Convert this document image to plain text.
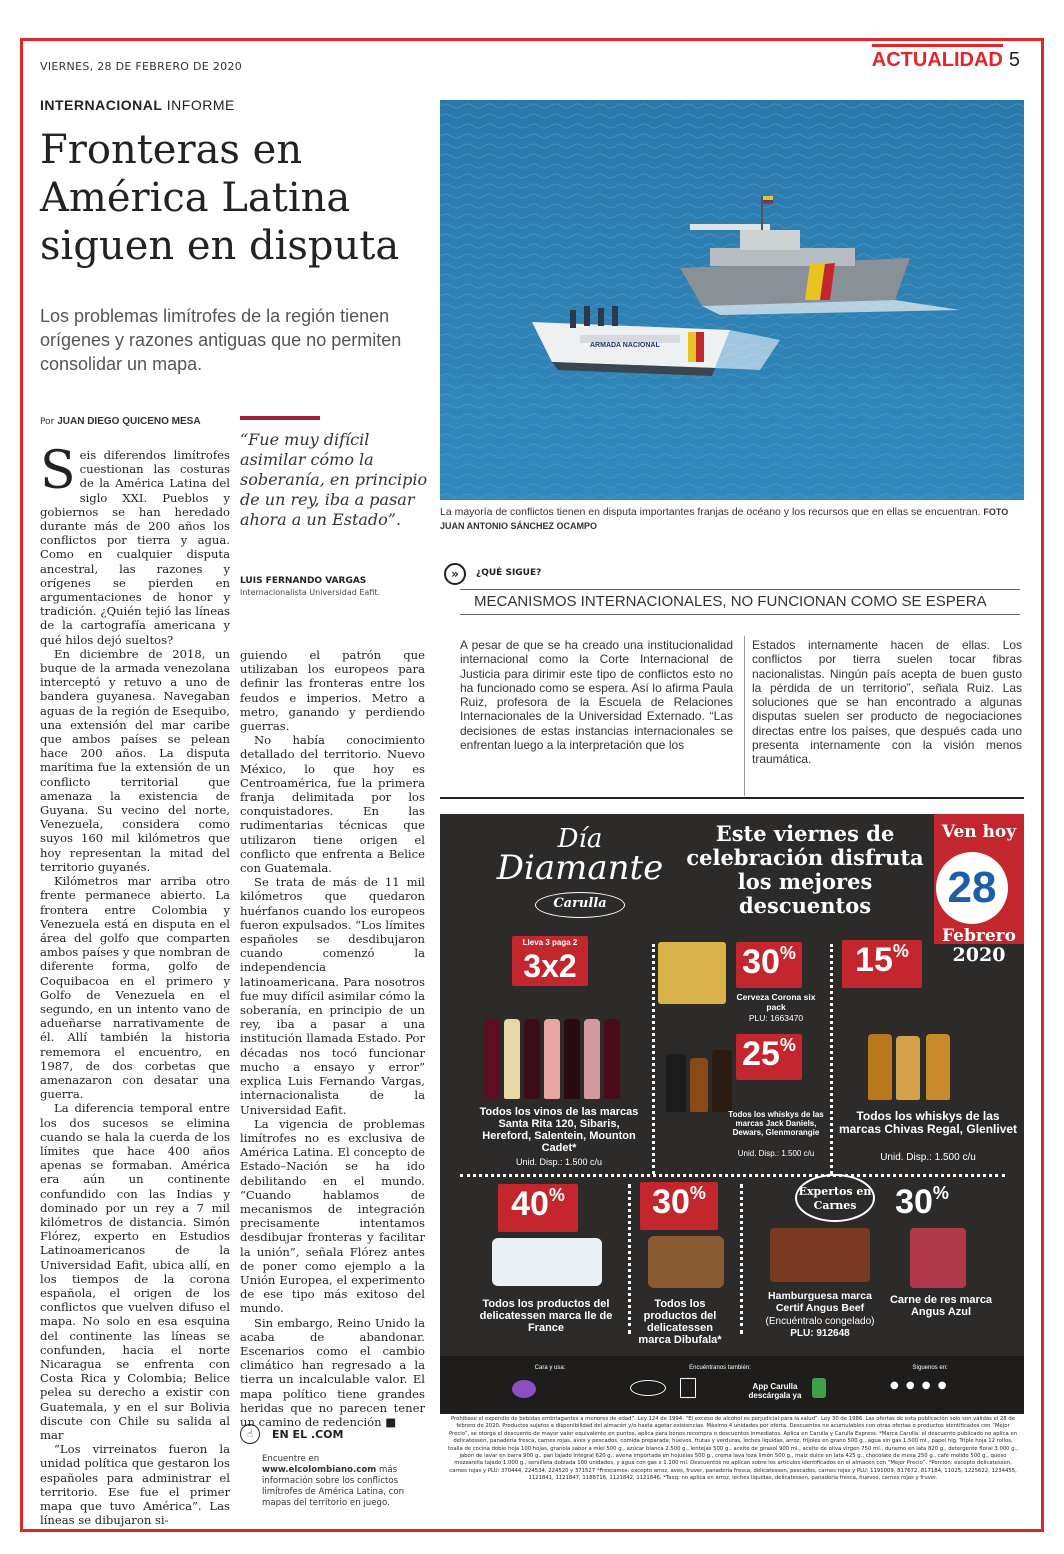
VIERNES, 28 DE FEBRERO DE 2020	ACTUALIDAD 5
INTERNACIONAL INFORME
Fronteras en América Latina siguen en disputa
Los problemas limítrofes de la región tienen orígenes y razones antiguas que no permiten consolidar un mapa.
Por JUAN DIEGO QUICENO MESA

Seis diferendos limítrofes cuestionan las costuras de la América Latina del siglo XXI. Pueblos y gobiernos se han heredado durante más de 200 años los conflictos por tierra y agua. Como en cualquier disputa ancestral, las razones y orígenes se pierden en argumentaciones de honor y tradición. ¿Quién tejió las líneas de la cartografía americana y qué hilos dejó sueltos?

En diciembre de 2018, un buque de la armada venezolana interceptó y retuvo a uno de bandera guyanesa. Navegaban aguas de la región de Esequibo, una extensión del mar caribe que ambos países se pelean hace 200 años. La disputa marítima fue la extensión de un conflicto territorial que amenaza la existencia de Guyana. Su vecino del norte, Venezuela, considera como suyos 160 mil kilómetros que hoy representan la mitad del territorio guyanés.

Kilómetros mar arriba otro frente permanece abierto. La frontera entre Colombia y Venezuela está en disputa en el área del golfo que comparten ambos países y que nombran de diferente forma, golfo de Coquibacoa en el primero y Golfo de Venezuela en el segundo, en un intento vano de adueñarse narrativamente de él. Allí también la historia rememora el encuentro, en 1987, de dos corbetas que amenazaron con desatar una guerra.

La diferencia temporal entre los dos sucesos se elimina cuando se hala la cuerda de los límites que hace 400 años apenas se formaban. América era aún un continente confundido con las Indias y dominado por un rey a 7 mil kilómetros de distancia. Simón Flórez, experto en Estudios Latinoamericanos de la Universidad Eafit, ubica allí, en los tiempos de la corona española, el origen de los conflictos que vuelven difuso el mapa. No solo en esa esquina del continente las líneas se confunden, hacia el norte Nicaragua se enfrenta con Costa Rica y Colombia; Belice pelea su derecho a existir con Guatemala, y en el sur Bolivia discute con Chile su salida al mar

“Los virreinatos fueron la unidad política que gestaron los españoles para administrar el territorio. Ese fue el primer mapa que tuvo América”. Las líneas se dibujaron si-

“Fue muy difícil asimilar cómo la soberanía, en principio de un rey, iba a pasar ahora a un Estado”.
LUIS FERNANDO VARGAS
Internacionalista Universidad Eafit.

guiendo el patrón que utilizaban los europeos para definir las fronteras entre los feudos e imperios. Metro a metro, ganando y perdiendo guerras.

No había conocimiento detallado del territorio. Nuevo México, lo que hoy es Centroamérica, fue la primera franja delimitada por los conquistadores. En las rudimentarias técnicas que utilizaron tiene origen el conflicto que enfrenta a Belice con Guatemala.

Se trata de más de 11 mil kilómetros que quedaron huérfanos cuando los europeos fueron expulsados. “Los límites españoles se desdibujaron cuando comenzó la independencia latinoamericana. Para nosotros fue muy difícil asimilar cómo la soberanía, en principio de un rey, iba a pasar a una institución llamada Estado. Por décadas nos tocó funcionar mucho a ensayo y error” explica Luis Fernando Vargas, internacionalista de la Universidad Eafit.

La vigencia de problemas limítrofes no es exclusiva de América Latina. El concepto de Estado–Nación se ha ido debilitando en el mundo. “Cuando hablamos de mecanismos de integración precisamente intentamos desdibujar fronteras y facilitar la unión”, señala Flórez antes de poner como ejemplo a la Unión Europea, el experimento de ese tipo más exitoso del mundo.

Sin embargo, Reino Unido la acaba de abandonar. Escenarios como el cambio climático han regresado a la tierra un incalculable valor. El mapa político tiene grandes heridas que no parecen tener un camino de redención ■

ARMADA NACIONAL
La mayoría de conflictos tienen en disputa importantes franjas de océano y los recursos que en ellas se encuentran. FOTO JUAN ANTONIO SÁNCHEZ OCAMPO
»	¿QUÉ SIGUE?
MECANISMOS INTERNACIONALES, NO FUNCIONAN COMO SE ESPERA
A pesar de que se ha creado una institucionalidad internacional como la Corte Internacional de Justicia para dirimir este tipo de conflictos esto no ha funcionado como se espera. Así lo afirma Paula Ruiz, profesora de la Escuela de Relaciones Internacionales de la Universidad Externado. “Las decisiones de estas instancias internacionales se enfrentan luego a la interpretación que los
Estados internamente hacen de ellas. Los conflictos por tierra suelen tocar fibras nacionalistas. Ningún país acepta de buen gusto la pérdida de un territorio”, señala Ruiz. Las soluciones que se han encontrado a algunas disputas suelen ser producto de negociaciones directas entre los países, que después cada uno presenta internamente con la visión menos traumática.
Día
Diamante
Carulla
Este viernes de celebración disfruta los mejores descuentos
Ven hoy
28
Febrero
2020
Lleva 3 paga 2
3x2
Todos los vinos de las marcas Santa Rita 120, Sibaris, Hereford, Salentein, Mounton Cadet*
Unid. Disp.: 1.500 c/u
30 %
Cerveza Corona six pack
PLU: 1663470
25 %
Todos los whiskys de las marcas Jack Daniels, Dewars, Glenmorangie
Unid. Disp.: 1.500 c/u
15 %
Todos los whiskys de las marcas Chivas Regal, Glenlivet
Unid. Disp.: 1.500 c/u
40 %
Todos los productos del delicatessen marca Ile de France
30 %
Todos los productos del delicatessen marca Dibufala*
Expertos en Carnes
Hamburguesa marca Certif Angus Beef
(Encuéntralo congelado)
PLU: 912648
30 %
Carne de res marca Angus Azul
Cara y usa:	Encuéntranos también:	Síguenos en:
App Carulla descárgala ya
● ● ● ●
Prohíbase el expendio de bebidas embriagantes a menores de edad”. Ley 124 de 1994. “El exceso de alcohol es perjudicial para la salud”. Ley 30 de 1986. Las ofertas de esta publicación solo son válidas el 28 de febrero de 2020. Productos sujetos a disponibilidad del almacén y/o hasta agotar existencias. Máximo 4 unidades por oferta. Descuentos no acumulables con otras ofertas o productos identificados con “Mejor Precio”, se otorga el descuento de mayor valor equivalente en puntos, aplica para bonos recompra o descuentos inmediatos. Aplica en Carulla y Carulla Express. *Marca Carulla: el descuento publicado no aplica en delicatessen, panadería fresca, carnes rojas, aves y pescados, comida preparada, huevos, frutas y verduras, leches líquidas, arroz, fríjoles en grano 500 g., agua sin gas 1.500 ml., papel hig. Triple hoja 12 rollos, toalla de cocina doble hoja 100 hojas, granola sabor a miel 500 g., azúcar blanca 2.500 g., lentejas 500 g., aceite de girasol 900 ml., aceite de oliva virgen 750 ml., durazno en lata 820 g., detergente floral 3.000 g., jabón de lavar en barra 900 g., pan tajado integral 620 g., avena importada en hojuelas 500 g., crema lava loza limón 500 g., maíz dulce en lata 425 g., chocolate de mesa 250 g., café molido 500 g., queso mozzarella tajado 1.000 g., servilleta doblada 100 unidades, y agua con gas x 1.100 ml. Descuentos no aplican sobre los artículos identificados en el almacén con “Mejor Precio”. *Porción: excepto delicatessen, carnes rojas y PLU: 370444, 224534, 224520 y 371527 *Frescamos: excepto arroz, aves, fruver, panadería fresca, delicatessen, pescados, carnes rojas y PLU: 1191009, 817672, 817184, 11025, 1225622, 1234455, 1121841, 1121847, 1188716, 1121842, 1121846. *Taxq: no aplica en arroz, leches líquidas, delicatessen, panadería fresca, huevos, carnes rojas y fruver.
☝	EN EL .COM
Encuentre en www.elcolombiano.com más información sobre los conflictos limítrofes de América Latina, con mapas del territorio en juego.
